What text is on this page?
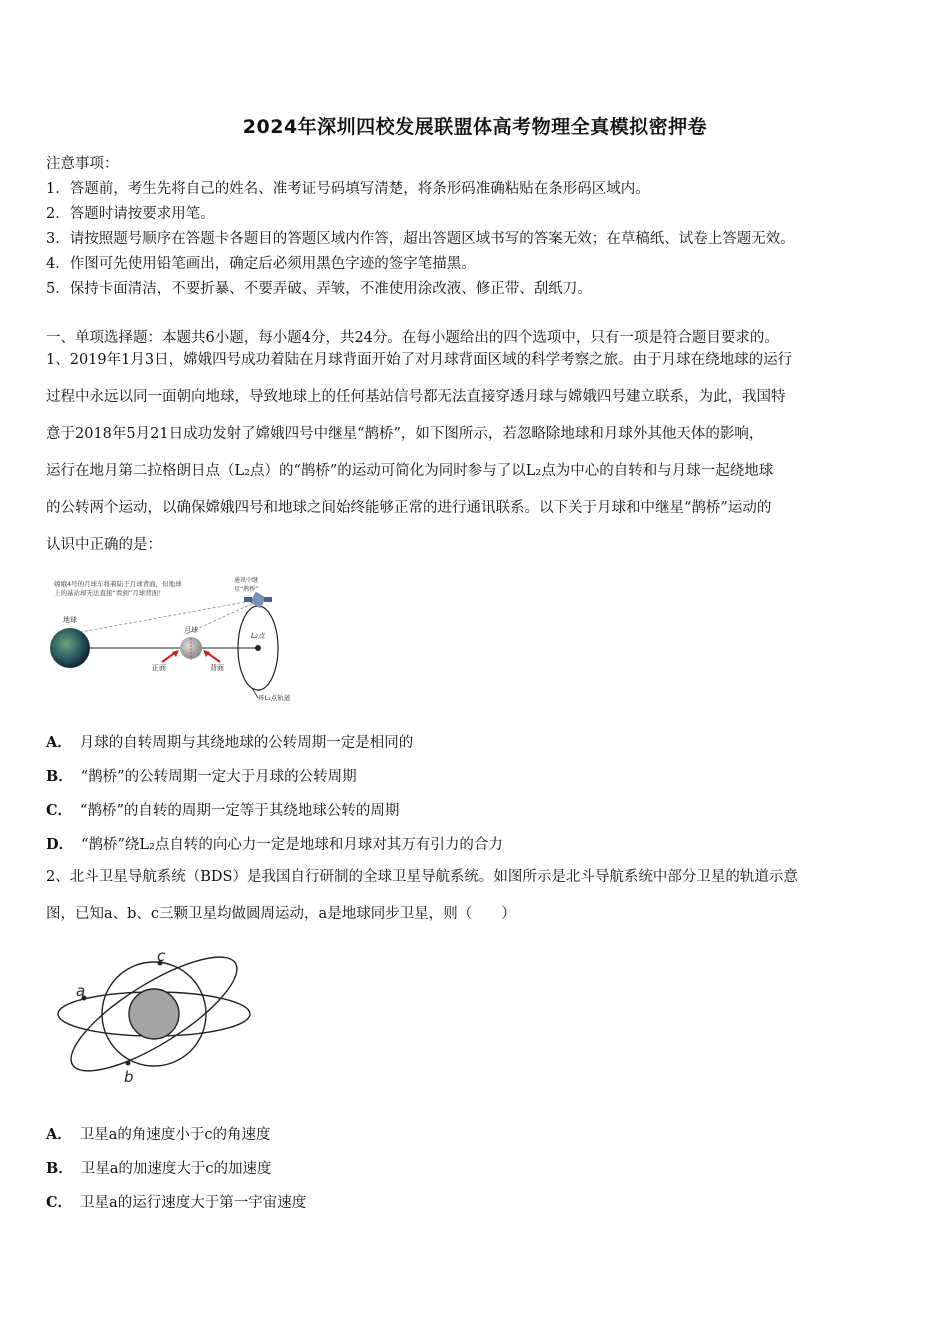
2024年深圳四校发展联盟体高考物理全真模拟密押卷
注意事项：
1．答题前，考生先将自己的姓名、准考证号码填写清楚，将条形码准确粘贴在条形码区域内。
2．答题时请按要求用笔。
3．请按照题号顺序在答题卡各题目的答题区域内作答，超出答题区域书写的答案无效；在草稿纸、试卷上答题无效。
4．作图可先使用铅笔画出，确定后必须用黑色字迹的签字笔描黑。
5．保持卡面清洁，不要折暴、不要弄破、弄皱，不准使用涂改液、修正带、刮纸刀。
一、单项选择题：本题共6小题，每小题4分，共24分。在每小题给出的四个选项中，只有一项是符合题目要求的。
1、2019年1月3日，嫦娥四号成功着陆在月球背面开始了对月球背面区域的科学考察之旅。由于月球在绕地球的运行
过程中永远以同一面朝向地球，导致地球上的任何基站信号都无法直接穿透月球与嫦娥四号建立联系，为此，我国特
意于2018年5月21日成功发射了嫦娥四号中继星“鹊桥”，如下图所示，若忽略除地球和月球外其他天体的影响，
运行在地月第二拉格朗日点（L₂点）的“鹊桥”的运动可简化为同时参与了以L₂点为中心的自转和与月球一起绕地球
的公转两个运动，以确保嫦娥四号和地球之间始终能够正常的进行通讯联系。以下关于月球和中继星“鹊桥”运动的
认识中正确的是：
嫦娥4号的月球车将着陆于月球背面，但地球
上的基站却无法直接“看到”月球背面！
通讯中继
星“鹊桥”
L₂点
地球
月球
正面	背面
环L₂点轨道
A． 月球的自转周期与其绕地球的公转周期一定是相同的
B． “鹊桥”的公转周期一定大于月球的公转周期
C． “鹊桥”的自转的周期一定等于其绕地球公转的周期
D． “鹊桥”绕L₂点自转的向心力一定是地球和月球对其万有引力的合力
2、北斗卫星导航系统（BDS）是我国自行研制的全球卫星导航系统。如图所示是北斗导航系统中部分卫星的轨道示意
图，已知a、b、c三颗卫星均做圆周运动，a是地球同步卫星，则（　　）
a
c
b
A． 卫星a的角速度小于c的角速度
B． 卫星a的加速度大于c的加速度
C． 卫星a的运行速度大于第一宇宙速度
